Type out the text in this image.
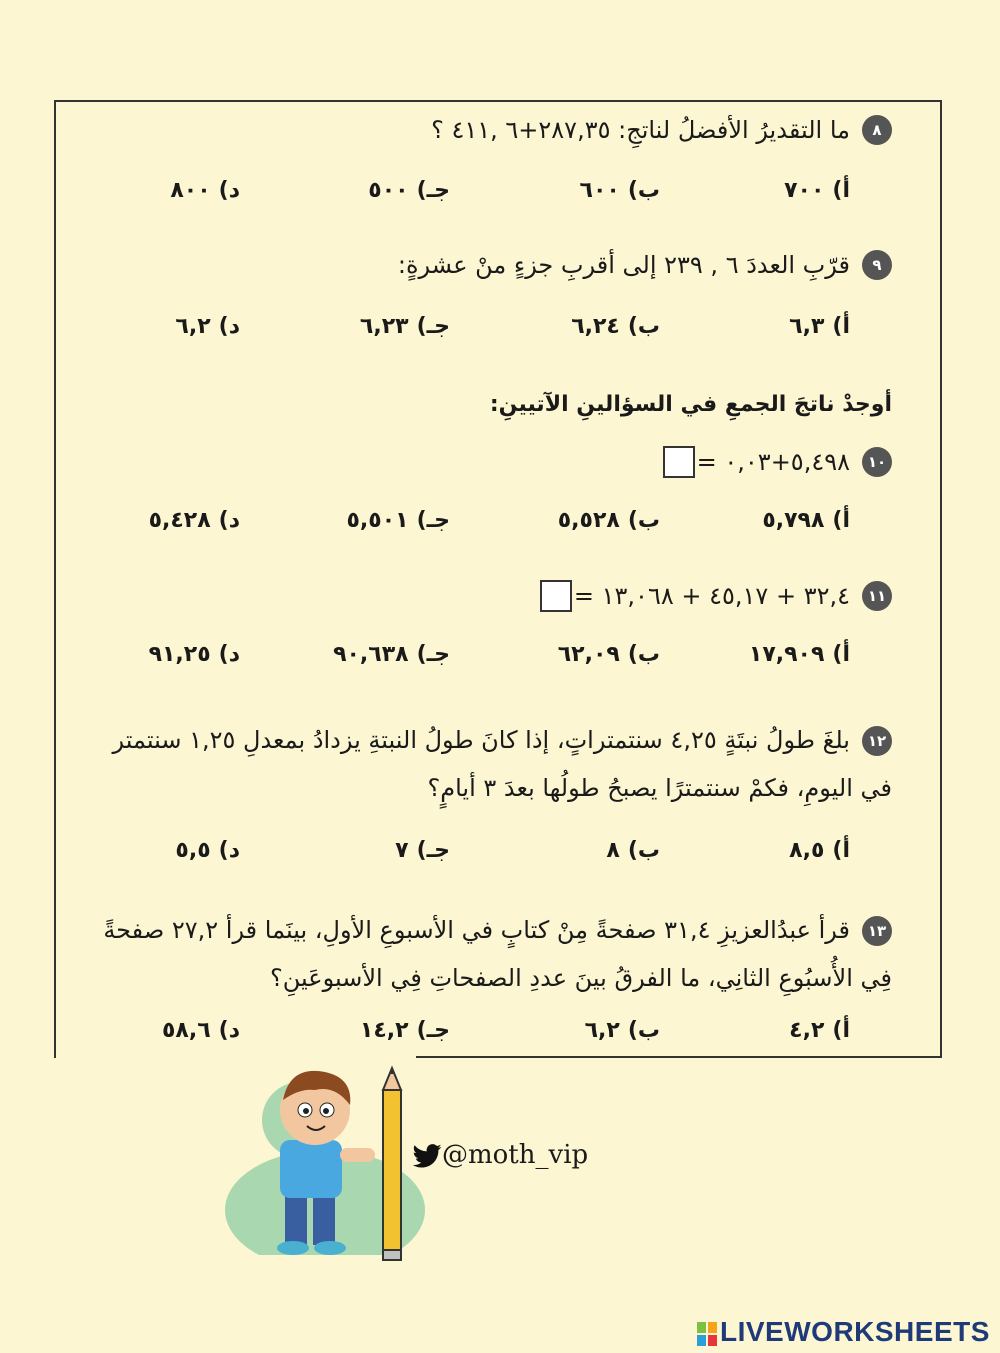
٨ما التقديرُ الأفضلُ لناتجِ: ٢٨٧,٣٥+٦ ,٤١١ ؟
أ)٧٠٠
ب)٦٠٠
جـ)٥٠٠
د)٨٠٠
٩قرّبِ العددَ ٦ , ٢٣٩ إلى أقربِ جزءٍ منْ عشرةٍ:
أ)٦,٣
ب)٦,٢٤
جـ)٦,٢٣
د)٦,٢
أوجدْ ناتجَ الجمعِ في السؤالينِ الآتيينِ:
١٠٥,٤٩٨+٠,٠٣ =
أ)٥,٧٩٨
ب)٥,٥٢٨
جـ)٥,٥٠١
د)٥,٤٢٨
١١٣٢,٤ + ٤٥,١٧ + ١٣,٠٦٨ =
أ)١٧,٩٠٩
ب)٦٢,٠٩
جـ)٩٠,٦٣٨
د)٩١,٢٥
١٢بلغَ طولُ نبتَةٍ ٤,٢٥ سنتمتراتٍ، إذا كانَ طولُ النبتةِ يزدادُ بمعدلِ ١,٢٥ سنتمتر
في اليومِ، فكمْ سنتمترًا يصبحُ طولُها بعدَ ٣ أيامٍ؟
أ)٨,٥
ب)٨
جـ)٧
د)٥,٥
١٣قرأ عبدُالعزيزِ ٣١,٤ صفحةً مِنْ كتابٍ في الأسبوعِ الأولِ، بينَما قرأ ٢٧,٢ صفحةً
فِي الأُسبُوعِ الثانِي، ما الفرقُ بينَ عددِ الصفحاتِ فِي الأسبوعَينِ؟
أ)٤,٢
ب)٦,٢
جـ)١٤,٢
د)٥٨,٦
@moth_vip
LIVEWORKSHEETS
